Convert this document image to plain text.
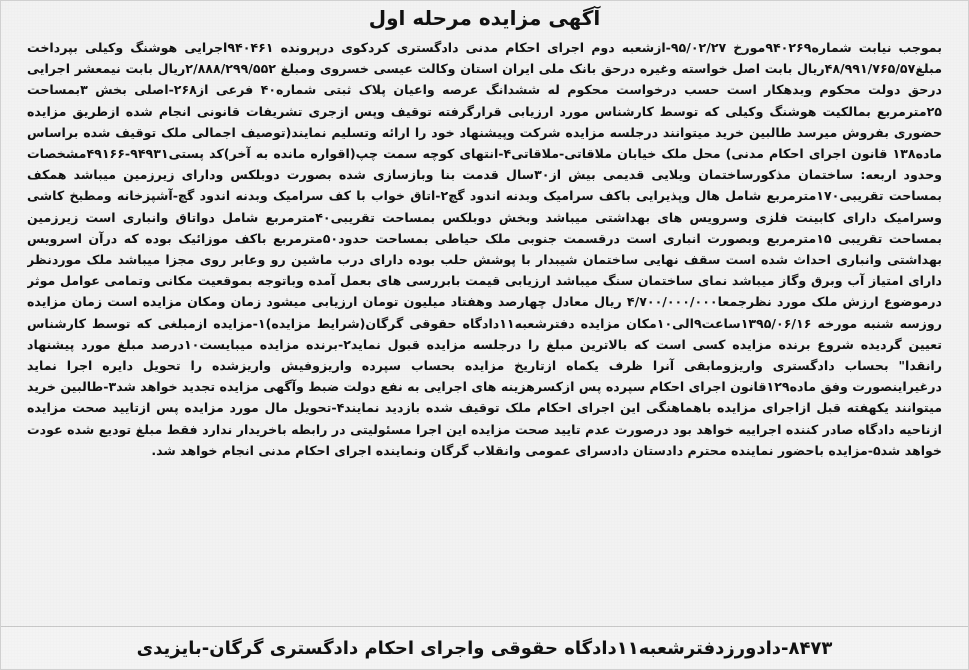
آگهی مزایده مرحله اول

بموجب نیابت شماره۹۴۰۲۶۹مورخ ۹۵/۰۲/۲۷-ازشعبه دوم اجرای احکام مدنی دادگستری کردکوی درپرونده ۹۴۰۴۶۱اجرایی هوشنگ وکیلی بپرداخت مبلغ۴۸/۹۹۱/۷۶۵/۵۷ریال بابت اصل خواسته وغیره درحق بانک ملی ایران استان وکالت عیسی خسروی ومبلغ ۲/۸۸۸/۲۹۹/۵۵۲ریال بابت نیمعشر اجرایی درحق دولت محکوم وبدهکار است حسب درخواست محکوم له ششدانگ عرصه واعیان پلاک ثبتی شماره۴۰ فرعی از۲۶۸-اصلی بخش ۳بمساحت ۲۵مترمربع بمالکیت هوشنگ وکیلی که توسط کارشناس مورد ارزیابی قرارگرفته توقیف وپس ازجری تشریفات قانونی انجام شده ازطریق مزایده حضوری بفروش میرسد طالبین خرید میتوانند درجلسه مزایده شرکت وپیشنهاد خود را ارائه وتسلیم نمایند(توصیف اجمالی ملک توقیف شده براساس ماده۱۳۸ قانون اجرای احکام مدنی) محل ملک خیابان ملاقاتی-ملاقاتی۴-انتهای کوچه سمت چپ(اقواره مانده به آخر)کد پستی۹۴۹۳۱-۴۹۱۶۶مشخصات وحدود اربعه: ساختمان مذکورساختمان ویلایی قدیمی بیش از۳۰سال قدمت بنا وبازسازی شده بصورت دوبلکس ودارای زیرزمین میباشد همکف بمساحت تقریبی۱۷۰مترمربع شامل هال وپذیرایی باکف سرامیک وبدنه اندود گچ۲-اتاق خواب با کف سرامیک وبدنه اندود گچ-آشپزخانه ومطبخ کاشی وسرامیک دارای کابینت فلزی وسرویس های بهداشتی میباشد وبخش دوبلکس بمساحت تقریبی۴۰مترمربع شامل دواتاق وانباری است زیرزمین بمساحت تقریبی ۱۵مترمربع وبصورت انباری است درقسمت جنوبی ملک حیاطی بمساحت حدود۵۰مترمربع باکف موزائیک بوده که درآن اسرویس بهداشتی وانباری احداث شده است سقف نهایی ساختمان شیبدار با پوشش حلب بوده دارای درب ماشین رو وعابر روی مجزا میباشد ملک موردنظر دارای امتیاز آب وبرق وگاز میباشد نمای ساختمان سنگ میباشد ارزیابی قیمت بابررسی های بعمل آمده وباتوجه بموقعیت مکانی وتمامی عوامل موثر درموضوع ارزش ملک مورد نظرجمعا۴/۷۰۰/۰۰۰/۰۰۰ ریال معادل چهارصد وهفتاد میلیون تومان ارزیابی میشود زمان ومکان مزایده است زمان مزایده روزسه شنبه مورخه ۱۳۹۵/۰۶/۱۶ساعت۹الی۱۰مکان مزایده دفترشعبه۱۱دادگاه حقوقی گرگان(شرایط مزایده)۱-مزایده ازمبلغی که توسط کارشناس تعیین گردیده شروع برنده مزایده کسی است که بالاترین مبلغ را درجلسه مزایده قبول نماید۲-برنده مزایده میبایست۱۰درصد مبلغ مورد پیشنهاد رانقدا" بحساب دادگستری واریزومابقی آنرا ظرف یکماه ازتاریخ مزایده بحساب سپرده واریزوفیش واریزشده را تحویل دایره اجرا نماید درغیراینصورت وفق ماده۱۲۹قانون اجرای احکام سپرده پس ازکسرهزینه های اجرایی به نفع دولت ضبط وآگهی مزایده تجدید خواهد شد۳-طالبین خرید میتوانند یکهفته قبل ازاجرای مزایده باهماهنگی این اجرای احکام ملک توقیف شده بازدید نمایند۴-تحویل مال مورد مزایده پس ازتایید صحت مزایده ازناحیه دادگاه صادر کننده اجراییه خواهد بود درصورت عدم تایید صحت مزایده این اجرا مسئولیتی در رابطه باخریدار ندارد فقط مبلغ تودیع شده عودت خواهد شد۵-مزایده باحضور نماینده محترم دادستان دادسرای عمومی وانقلاب گرگان ونماینده اجرای احکام مدنی انجام خواهد شد.

۸۴۷۳-دادورزدفترشعبه۱۱دادگاه حقوقی واجرای احکام دادگستری گرگان-بایزیدی
